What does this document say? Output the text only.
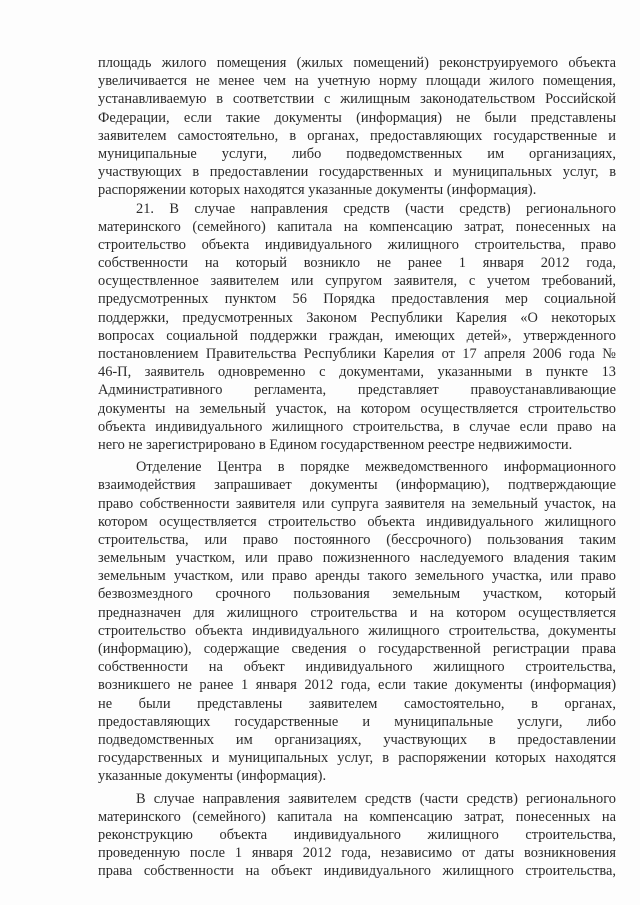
площадь жилого помещения (жилых помещений) реконструируемого объекта
увеличивается не менее чем на учетную норму площади жилого помещения,
устанавливаемую в соответствии с жилищным законодательством Российской
Федерации, если такие документы (информация) не были представлены
заявителем самостоятельно, в органах, предоставляющих государственные и
муниципальные услуги, либо подведомственных им организациях,
участвующих в предоставлении государственных и муниципальных услуг, в
распоряжении которых находятся указанные документы (информация).
21. В случае направления средств (части средств) регионального
материнского (семейного) капитала на компенсацию затрат, понесенных на
строительство объекта индивидуального жилищного строительства, право
собственности на который возникло не ранее 1 января 2012 года,
осуществленное заявителем или супругом заявителя, с учетом требований,
предусмотренных пунктом 56 Порядка предоставления мер социальной
поддержки, предусмотренных Законом Республики Карелия «О некоторых
вопросах социальной поддержки граждан, имеющих детей», утвержденного
постановлением Правительства Республики Карелия от 17 апреля 2006 года №
46-П, заявитель одновременно с документами, указанными в пункте 13
Административного регламента, представляет правоустанавливающие
документы на земельный участок, на котором осуществляется строительство
объекта индивидуального жилищного строительства, в случае если право на
него не зарегистрировано в Едином государственном реестре недвижимости.
Отделение Центра в порядке межведомственного информационного
взаимодействия запрашивает документы (информацию), подтверждающие
право собственности заявителя или супруга заявителя на земельный участок, на
котором осуществляется строительство объекта индивидуального жилищного
строительства, или право постоянного (бессрочного) пользования таким
земельным участком, или право пожизненного наследуемого владения таким
земельным участком, или право аренды такого земельного участка, или право
безвозмездного срочного пользования земельным участком, который
предназначен для жилищного строительства и на котором осуществляется
строительство объекта индивидуального жилищного строительства, документы
(информацию), содержащие сведения о государственной регистрации права
собственности на объект индивидуального жилищного строительства,
возникшего не ранее 1 января 2012 года, если такие документы (информация)
не были представлены заявителем самостоятельно, в органах,
предоставляющих государственные и муниципальные услуги, либо
подведомственных им организациях, участвующих в предоставлении
государственных и муниципальных услуг, в распоряжении которых находятся
указанные документы (информация).
В случае направления заявителем средств (части средств) регионального
материнского (семейного) капитала на компенсацию затрат, понесенных на
реконструкцию объекта индивидуального жилищного строительства,
проведенную после 1 января 2012 года, независимо от даты возникновения
права собственности на объект индивидуального жилищного строительства,
